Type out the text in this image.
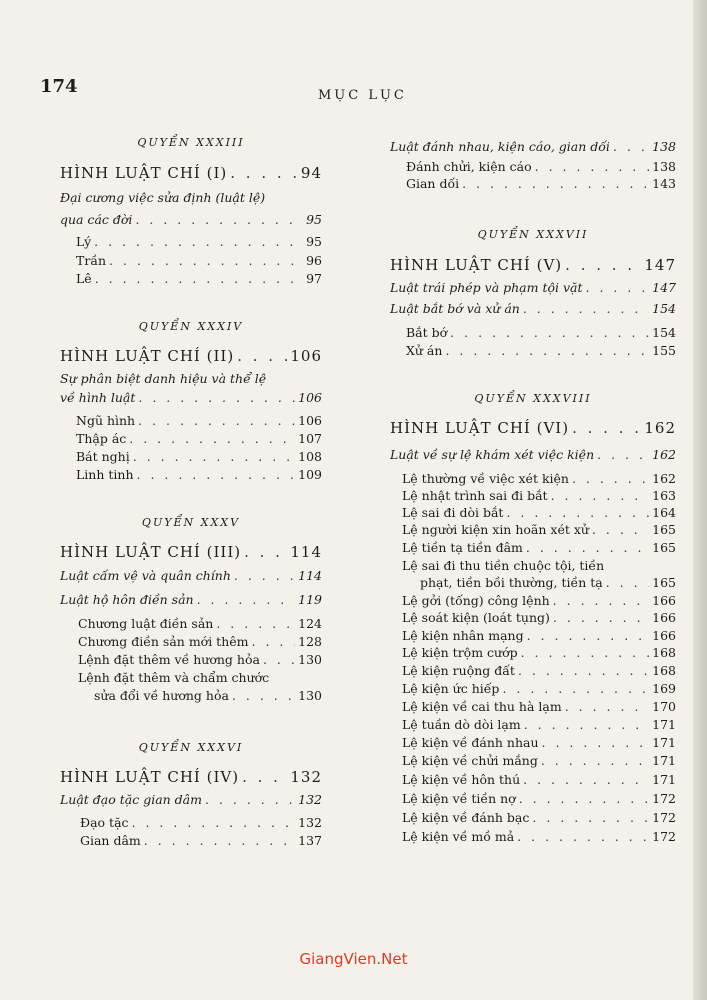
174	MỤC LỤC
QUYỂN XXXIII
HÌNH LUẬT CHÍ (I) . . .	94
Đại cương việc sửa định (luật lệ)
qua các đời . . .	95
Lý . . .	95
Trần . . .	96
Lê . . .	97
QUYỂN XXXIV
HÌNH LUẬT CHÍ (II) . . .	106
Sự phân biệt danh hiệu và thể lệ
về hình luật . . .	106
Ngũ hình . . .	106
Thập ác . . .	107
Bát nghị . . .	108
Linh tinh . . .	109
QUYỂN XXXV
HÌNH LUẬT CHÍ (III) . . .	114
Luật cấm vệ và quân chính . . .	114
Luật hộ hôn điền sản . . .	119
Chương luật điền sản . . .	124
Chương điền sản mới thêm . . .	128
Lệnh đặt thêm về hương hỏa . . .	130
Lệnh đặt thêm và chẩm chước
sửa đổi về hương hỏa . . .	130
QUYỂN XXXVI
HÌNH LUẬT CHÍ (IV) . . .	132
Luật đạo tặc gian dâm . . .	132
Đạo tặc . . .	132
Gian dâm . . .	137
Luật đánh nhau, kiện cáo, gian dối . . .	138
Đánh chửi, kiện cáo . . .	138
Gian dối . . .	143
QUYỂN XXXVII
HÌNH LUẬT CHÍ (V) . . .	147
Luật trái phép và phạm tội vặt . . .	147
Luật bắt bớ và xử án . . .	154
Bắt bớ . . .	154
Xử án . . .	155
QUYỂN XXXVIII
HÌNH LUẬT CHÍ (VI) . . .	162
Luật về sự lệ khám xét việc kiện . . .	162
Lệ thường về việc xét kiện . . .	162
Lệ nhật trình sai đi bắt . . .	163
Lệ sai đi dòi bắt . . .	164
Lệ người kiện xin hoãn xét xử . . .	165
Lệ tiền tạ tiền đâm . . .	165
Lệ sai đi thu tiền chuộc tội, tiền
phạt, tiền bồi thường, tiền tạ . . .	165
Lệ gởi (tống) công lệnh . . .	166
Lệ soát kiện (loát tụng) . . .	166
Lệ kiện nhân mạng . . .	166
Lệ kiện trộm cướp . . .	168
Lệ kiện ruộng đất . . .	168
Lệ kiện ức hiếp . . .	169
Lệ kiện về cai thu hà lạm . . .	170
Lệ tuần dò dòi lạm . . .	171
Lệ kiện về đánh nhau . . .	171
Lệ kiện về chửi mắng . . .	171
Lệ kiện về hôn thú . . .	171
Lệ kiện về tiền nợ . . .	172
Lệ kiện về đánh bạc . . .	172
Lệ kiện về mồ mả . . .	172
GiangVien.Net
